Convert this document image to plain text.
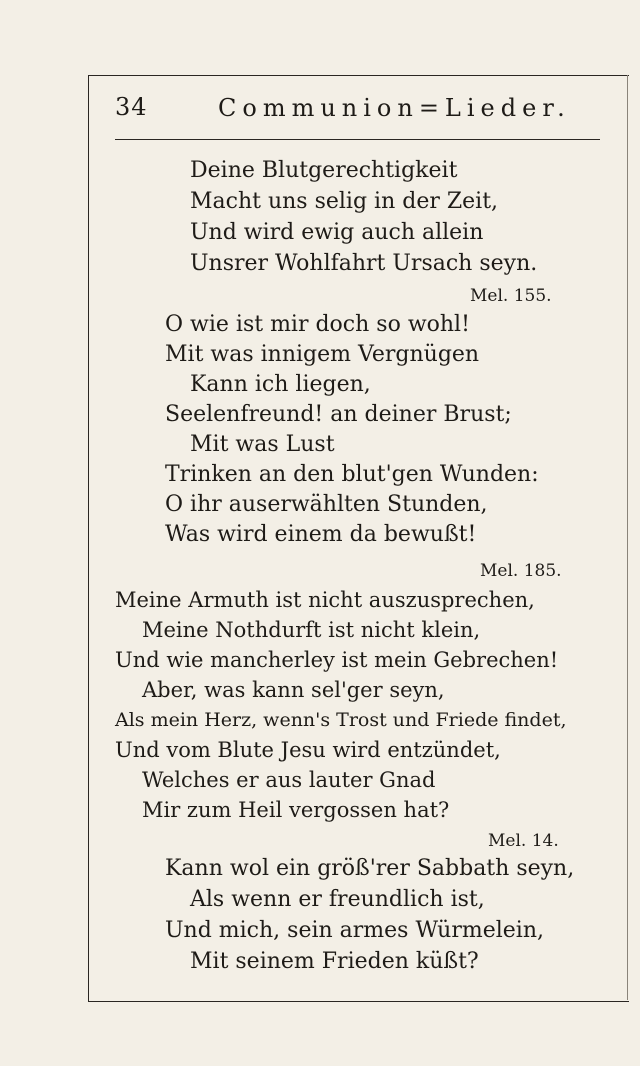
34	Communion=Lieder.
Deine Blutgerechtigkeit
Macht uns selig in der Zeit,
Und wird ewig auch allein
Unsrer Wohlfahrt Ursach seyn.
Mel. 155.
O wie ist mir doch so wohl!
Mit was innigem Vergnügen
Kann ich liegen,
Seelenfreund! an deiner Brust;
Mit was Lust
Trinken an den blut'gen Wunden:
O ihr auserwählten Stunden,
Was wird einem da bewußt!
Mel. 185.
Meine Armuth ist nicht auszusprechen,
Meine Nothdurft ist nicht klein,
Und wie mancherley ist mein Gebrechen!
Aber, was kann sel'ger seyn,
Als mein Herz, wenn's Trost und Friede findet,
Und vom Blute Jesu wird entzündet,
Welches er aus lauter Gnad
Mir zum Heil vergossen hat?
Mel. 14.
Kann wol ein größ'rer Sabbath seyn,
Als wenn er freundlich ist,
Und mich, sein armes Würmelein,
Mit seinem Frieden küßt?
